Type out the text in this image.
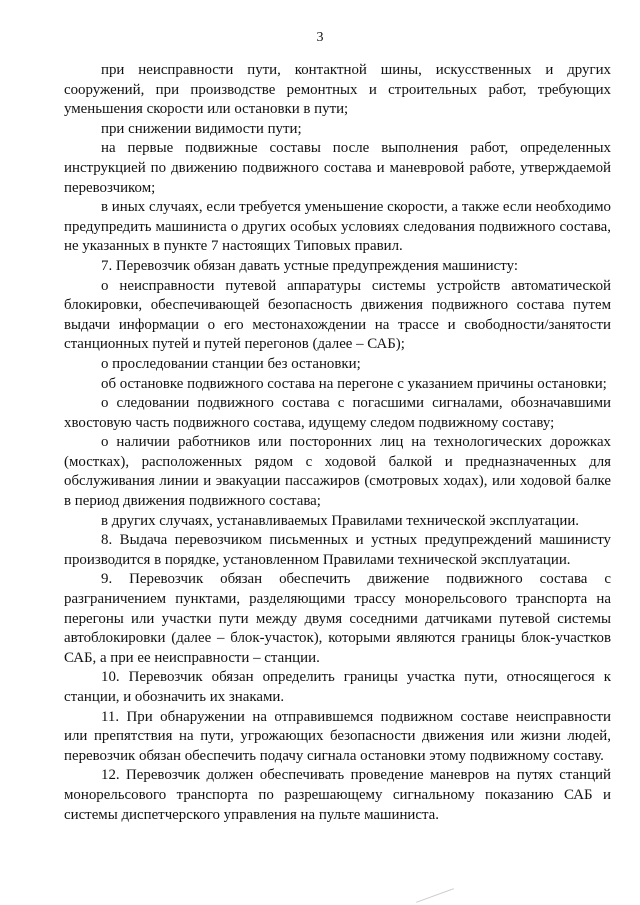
3

при неисправности пути, контактной шины, искусственных и других сооружений, при производстве ремонтных и строительных работ, требующих уменьшения скорости или остановки в пути;

при снижении видимости пути;

на первые подвижные составы после выполнения работ, определенных инструкцией по движению подвижного состава и маневровой работе, утверждаемой перевозчиком;

в иных случаях, если требуется уменьшение скорости, а также если необходимо предупредить машиниста о других особых условиях следования подвижного состава, не указанных в пункте 7 настоящих Типовых правил.

7. Перевозчик обязан давать устные предупреждения машинисту:

о неисправности путевой аппаратуры системы устройств автоматической блокировки, обеспечивающей безопасность движения подвижного состава путем выдачи информации о его местонахождении на трассе и свободности/занятости станционных путей и путей перегонов (далее – САБ);

о проследовании станции без остановки;

об остановке подвижного состава на перегоне с указанием причины остановки;

о следовании подвижного состава с погасшими сигналами, обозначавшими хвостовую часть подвижного состава, идущему следом подвижному составу;

о наличии работников или посторонних лиц на технологических дорожках (мостках), расположенных рядом с ходовой балкой и предназначенных для обслуживания линии и эвакуации пассажиров (смотровых ходах), или ходовой балке в период движения подвижного состава;

в других случаях, устанавливаемых Правилами технической эксплуатации.

8. Выдача перевозчиком письменных и устных предупреждений машинисту производится в порядке, установленном Правилами технической эксплуатации.

9. Перевозчик обязан обеспечить движение подвижного состава с разграничением пунктами, разделяющими трассу монорельсового транспорта на перегоны или участки пути между двумя соседними датчиками путевой системы автоблокировки (далее – блок-участок), которыми являются границы блок-участков САБ, а при ее неисправности – станции.

10. Перевозчик обязан определить границы участка пути, относящегося к станции, и обозначить их знаками.

11. При обнаружении на отправившемся подвижном составе неисправности или препятствия на пути, угрожающих безопасности движения или жизни людей, перевозчик обязан обеспечить подачу сигнала остановки этому подвижному составу.

12. Перевозчик должен обеспечивать проведение маневров на путях станций монорельсового транспорта по разрешающему сигнальному показанию САБ и системы диспетчерского управления на пульте машиниста.
